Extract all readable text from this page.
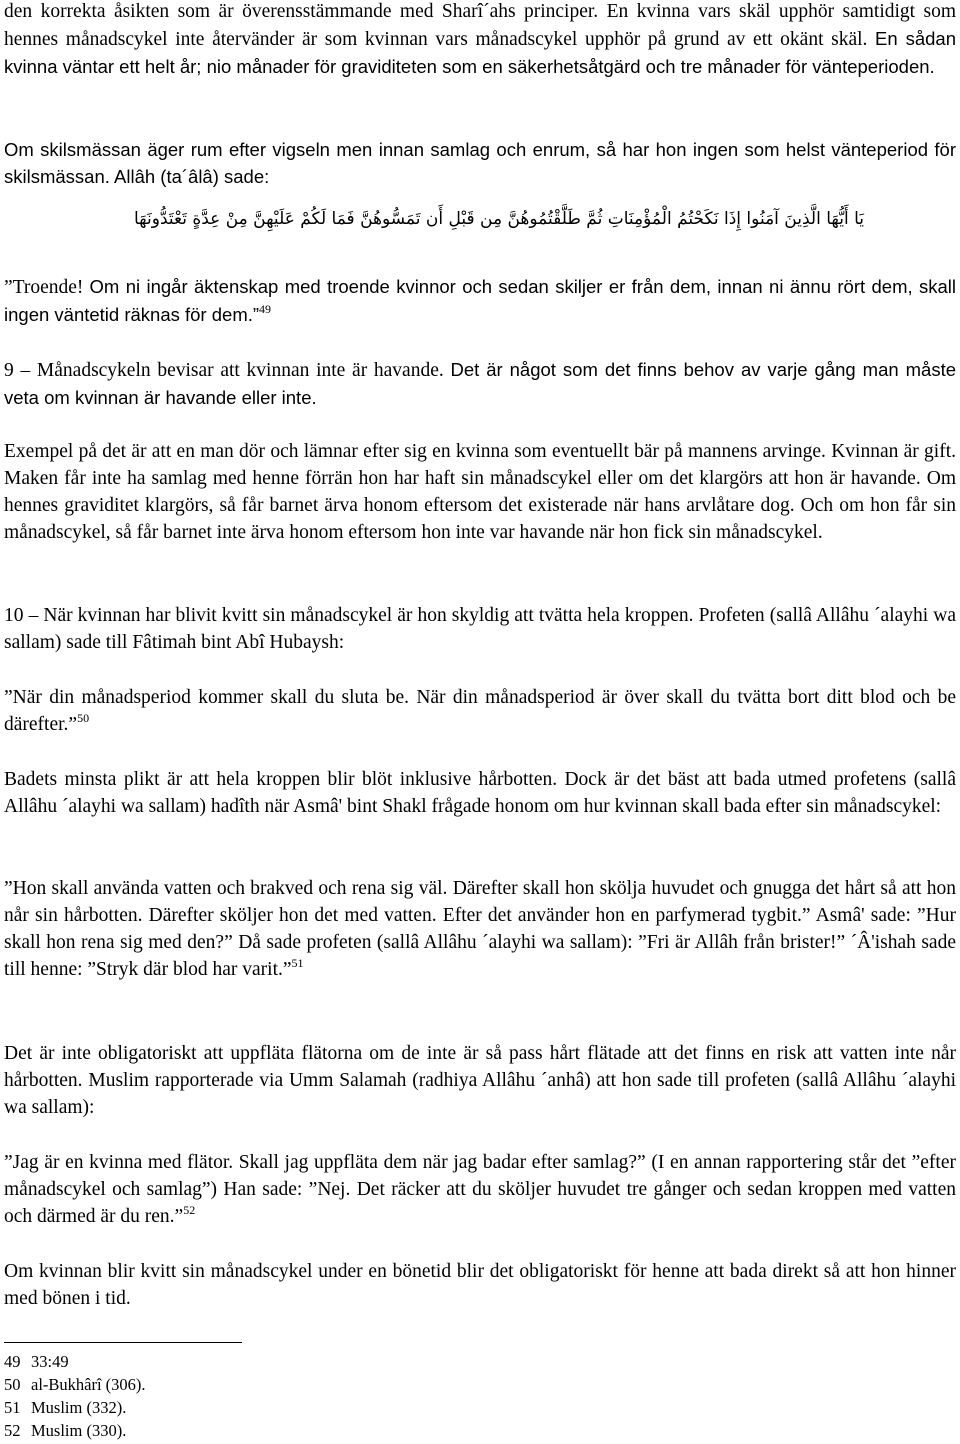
den korrekta åsikten som är överensstämmande med Sharî´ahs principer. En kvinna vars skäl upphör samtidigt som hennes månadscykel inte återvänder är som kvinnan vars månadscykel upphör på grund av ett okänt skäl. En sådan kvinna väntar ett helt år; nio månader för graviditeten som en säkerhetsåtgärd och tre månader för vänteperioden.

Om skilsmässan äger rum efter vigseln men innan samlag och enrum, så har hon ingen som helst vänteperiod för skilsmässan. Allâh (ta´âlâ) sade:

يَا أَيُّهَا الَّذِينَ آمَنُوا إِذَا نَكَحْتُمُ الْمُؤْمِنَاتِ ثُمَّ طَلَّقْتُمُوهُنَّ مِن قَبْلِ أَن تَمَسُّوهُنَّ فَمَا لَكُمْ عَلَيْهِنَّ مِنْ عِدَّةٍ تَعْتَدُّونَهَا

”Troende! Om ni ingår äktenskap med troende kvinnor och sedan skiljer er från dem, innan ni ännu rört dem, skall ingen väntetid räknas för dem.”$^{49}$

9 – Månadscykeln bevisar att kvinnan inte är havande. Det är något som det finns behov av varje gång man måste veta om kvinnan är havande eller inte.

Exempel på det är att en man dör och lämnar efter sig en kvinna som eventuellt bär på mannens arvinge. Kvinnan är gift. Maken får inte ha samlag med henne förrän hon har haft sin månadscykel eller om det klargörs att hon är havande. Om hennes graviditet klargörs, så får barnet ärva honom eftersom det existerade när hans arvlåtare dog. Och om hon får sin månadscykel, så får barnet inte ärva honom eftersom hon inte var havande när hon fick sin månadscykel.

10 – När kvinnan har blivit kvitt sin månadscykel är hon skyldig att tvätta hela kroppen. Profeten (sallâ Allâhu ´alayhi wa sallam) sade till Fâtimah bint Abî Hubaysh:

”När din månadsperiod kommer skall du sluta be. När din månadsperiod är över skall du tvätta bort ditt blod och be därefter.”$^{50}$

Badets minsta plikt är att hela kroppen blir blöt inklusive hårbotten. Dock är det bäst att bada utmed profetens (sallâ Allâhu ´alayhi wa sallam) hadîth när Asmâ' bint Shakl frågade honom om hur kvinnan skall bada efter sin månadscykel:

”Hon skall använda vatten och brakved och rena sig väl. Därefter skall hon skölja huvudet och gnugga det hårt så att hon når sin hårbotten. Därefter sköljer hon det med vatten. Efter det använder hon en parfymerad tygbit.” Asmâ' sade: ”Hur skall hon rena sig med den?” Då sade profeten (sallâ Allâhu ´alayhi wa sallam): ”Fri är Allâh från brister!” ´Â'ishah sade till henne: ”Stryk där blod har varit.”$^{51}$

Det är inte obligatoriskt att uppfläta flätorna om de inte är så pass hårt flätade att det finns en risk att vatten inte når hårbotten. Muslim rapporterade via Umm Salamah (radhiya Allâhu ´anhâ) att hon sade till profeten (sallâ Allâhu ´alayhi wa sallam):

”Jag är en kvinna med flätor. Skall jag uppfläta dem när jag badar efter samlag?” (I en annan rapportering står det ”efter månadscykel och samlag”) Han sade: ”Nej. Det räcker att du sköljer huvudet tre gånger och sedan kroppen med vatten och därmed är du ren.”$^{52}$

Om kvinnan blir kvitt sin månadscykel under en bönetid blir det obligatoriskt för henne att bada direkt så att hon hinner med bönen i tid.

49 33:49
50 al-Bukhârî (306).
51 Muslim (332).
52 Muslim (330).
